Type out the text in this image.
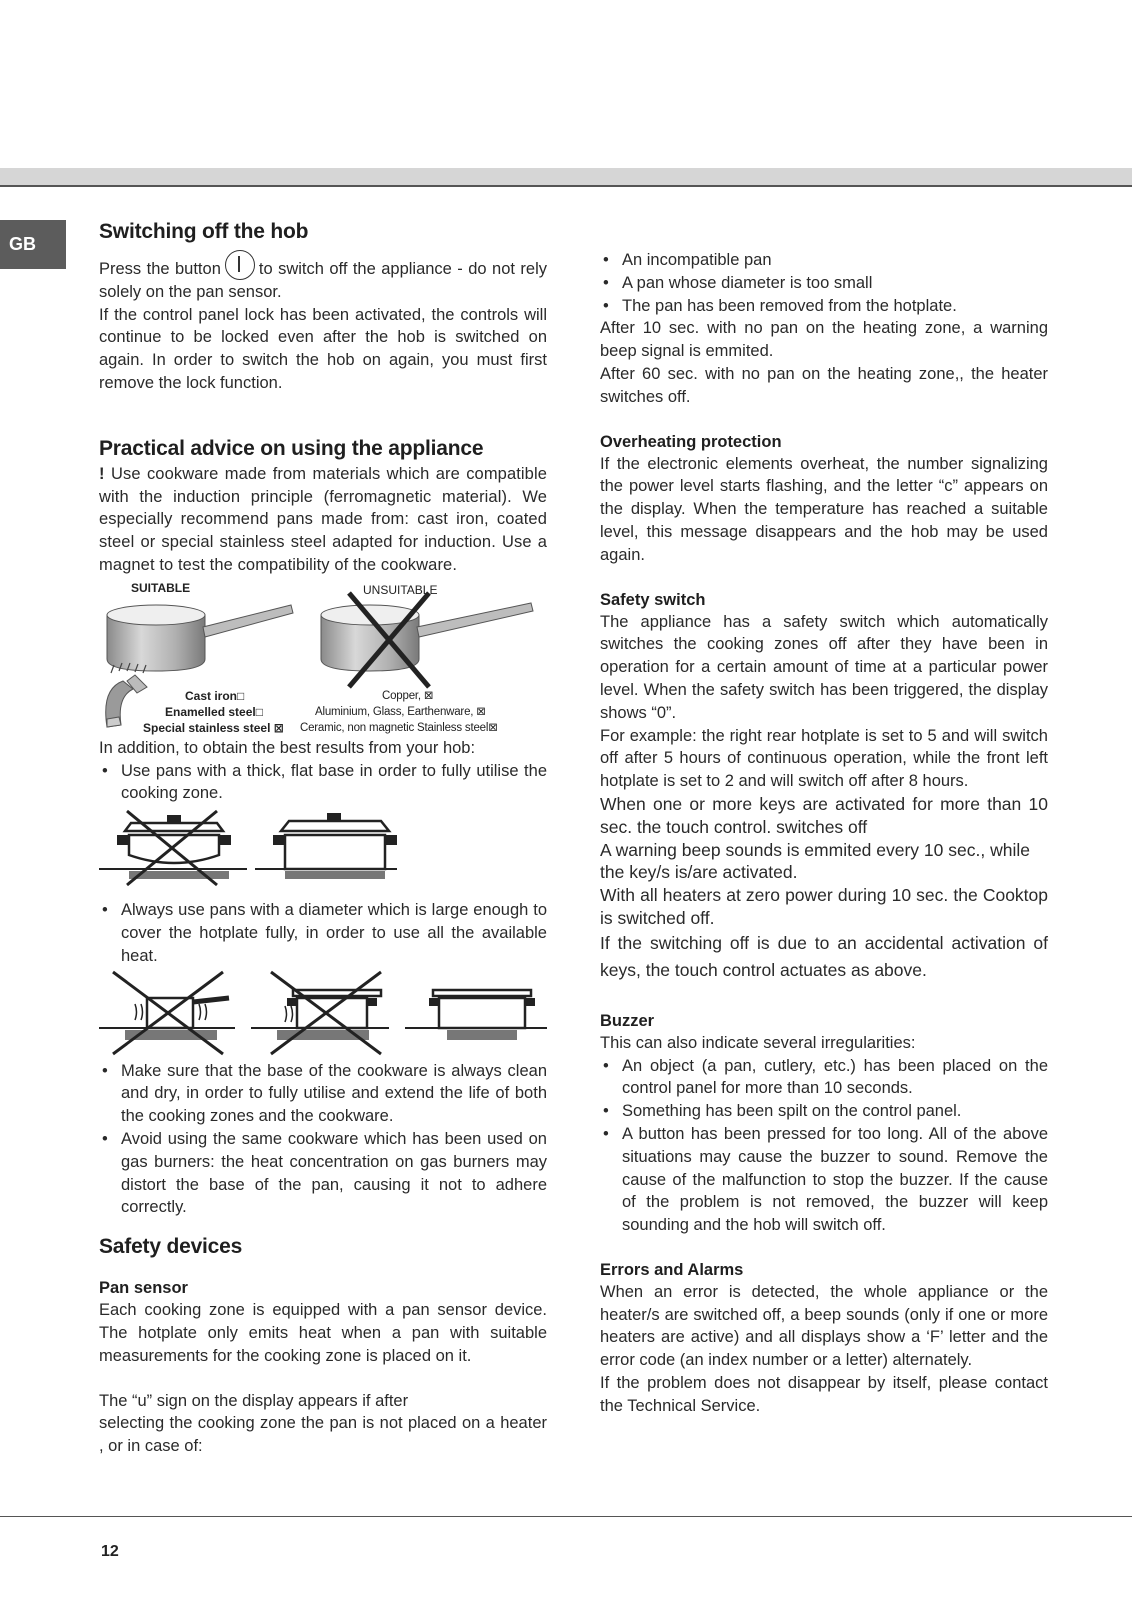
GB
Switching off the hob

Press the button to switch off the appliance - do not rely solely on the pan sensor.

If the control panel lock has been activated, the controls will continue to be locked even after the hob is switched on again. In order to switch the hob on again, you must first remove the lock function.

Practical advice on using the appliance

! Use cookware made from materials which are compatible with the induction principle (ferromagnetic material). We especially recommend pans made from: cast iron, coated steel or special stainless steel adapted for induction. Use a magnet to test the compatibility of the cookware.

SUITABLE	UNSUITABLE
Cast iron□
Enamelled steel□
Special stainless steel ⊠
Copper, ⊠
Aluminium, Glass, Earthenware, ⊠
Ceramic, non magnetic Stainless steel⊠

In addition, to obtain the best results from your hob:

• Use pans with a thick, flat base in order to fully utilise the cooking zone.
• Always use pans with a diameter which is large enough to cover the hotplate fully, in order to use all the available heat.
• Make sure that the base of the cookware is always clean and dry, in order to fully utilise and extend the life of both the cooking zones and the cookware.
• Avoid using the same cookware which has been used on gas burners: the heat concentration on gas burners may distort the base of the pan, causing it not to adhere correctly.
Safety devices
Pan sensor

Each cooking zone is equipped with a pan sensor device. The hotplate only emits heat when a pan with suitable measurements for the cooking zone is placed on it.

The “u” sign on the display appears if after

selecting the cooking zone the pan is not placed on a heater , or in case of:

• An incompatible pan
• A pan whose diameter is too small
• The pan has been removed from the hotplate.

After 10 sec. with no pan on the heating zone, a warning beep signal is emmited.

After 60 sec. with no pan on the heating zone,, the heater switches off.

Overheating protection

If the electronic elements overheat, the number signalizing the power level starts flashing, and the letter “c” appears on the display. When the temperature has reached a suitable level, this message disappears and the hob may be used again.

Safety switch

The appliance has a safety switch which automatically switches the cooking zones off after they have been in operation for a certain amount of time at a particular power level. When the safety switch has been triggered, the display shows “0”.

For example: the right rear hotplate is set to 5 and will switch off after 5 hours of continuous operation, while the front left hotplate is set to 2 and will switch off after 8 hours.

When one or more keys are activated for more than 10 sec. the touch control. switches off

A warning beep sounds is emmited every 10 sec., while the key/s is/are activated.

With all heaters at zero power during 10 sec. the Cooktop is switched off.

If the switching off is due to an accidental activation of keys, the touch control actuates as above.

Buzzer

This can also indicate several irregularities:

• An object (a pan, cutlery, etc.) has been placed on the control panel for more than 10 seconds.
• Something has been spilt on the control panel.
• A button has been pressed for too long. All of the above situations may cause the buzzer to sound. Remove the cause of the malfunction to stop the buzzer. If the cause of the problem is not removed, the buzzer will keep sounding and the hob will switch off.
Errors and Alarms

When an error is detected, the whole appliance or the heater/s are switched off, a beep sounds (only if one or more heaters are active) and all displays show a ‘F’ letter and the error code (an index number or a letter) alternately.

If the problem does not disappear by itself, please contact the Technical Service.

12
